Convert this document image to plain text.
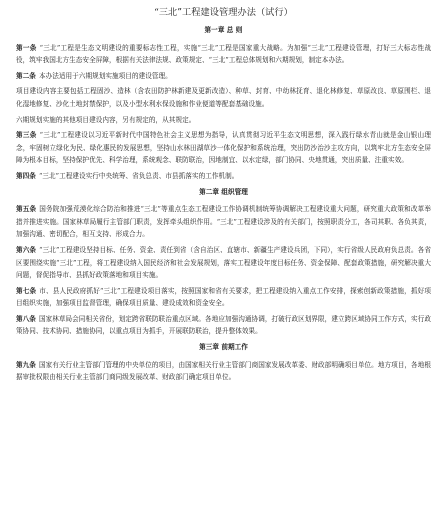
“三北”工程建设管理办法（试行）
第一章 总 则
第一条 “三北”工程是生态文明建设的重要标志性工程，实施“三北”工程是国家重大战略。为加强“三北”工程建设管理，打好三大标志性战役，筑牢我国北方生态安全屏障，根据有关法律法规、政策规定、“三北”工程总体规划和六期规划，制定本办法。
第二条 本办法适用于六期规划实施项目的建设管理。
项目建设内容主要包括工程固沙、造林（含农田防护林新建及更新改造）、种草、封育、中幼林抚育、退化林修复、草原改良、草原围栏、退化湿地修复、沙化土地封禁保护，以及小型水利水保设施和作业便道等配套基础设施。
六期规划实施的其他项目建设内容，另有规定的，从其规定。
第三条 “三北”工程建设以习近平新时代中国特色社会主义思想为指导，认真贯彻习近平生态文明思想，深入践行绿水青山就是金山银山理念，牢固树立绿化为民、绿化惠民的发展思想，坚持山水林田湖草沙一体化保护和系统治理，突出防沙治沙主攻方向，以筑牢北方生态安全屏障为根本目标，坚持保护优先、科学治理，系统观念、联防联治，因地制宜、以水定绿，部门协同、央地贯通，突出质量、注重实效。
第四条 “三北”工程建设实行中央统筹、省负总责、市县抓落实的工作机制。
第二章 组织管理
第五条 国务院加强荒漠化综合防治和推进“三北”等重点生态工程建设工作协调机制统筹协调解决工程建设重大问题，研究重大政策和改革举措并推进实施。国家林草局履行主管部门职责，发挥牵头组织作用。“三北”工程建设涉及的有关部门，按照职责分工，各司其职、各负其责，加强沟通、密切配合，相互支持、形成合力。
第六条 “三北”工程建设坚持目标、任务、资金、责任到省（含自治区、直辖市、新疆生产建设兵团，下同），实行省级人民政府负总责。各省区要围绕实施“三北”工程，将工程建设纳入国民经济和社会发展规划，落实工程建设年度目标任务、资金保障、配套政策措施，研究解决重大问题，督促指导市、县抓好政策落地和项目实施。
第七条 市、县人民政府抓好“三北”工程建设项目落实，按照国家和省有关要求，把工程建设纳入重点工作安排，探索创新政策措施，抓好项目组织实施，加强项目监督管理，确保项目质量、建设成效和资金安全。
第八条 国家林草局会同相关省份，划定跨省联防联治重点区域。各地应加强沟通协调，打破行政区划界限，建立跨区域协同工作方式，实行政策协同、技术协同、措施协同，以重点项目为抓手，开展联防联治，提升整体效果。
第三章 前期工作
第九条 国家有关行业主管部门管理的中央单位的项目，由国家相关行业主管部门商国家发展改革委、财政部明确项目单位。地方项目，各地根据审批权限由相关行业主管部门商同级发展改革、财政部门确定项目单位。
